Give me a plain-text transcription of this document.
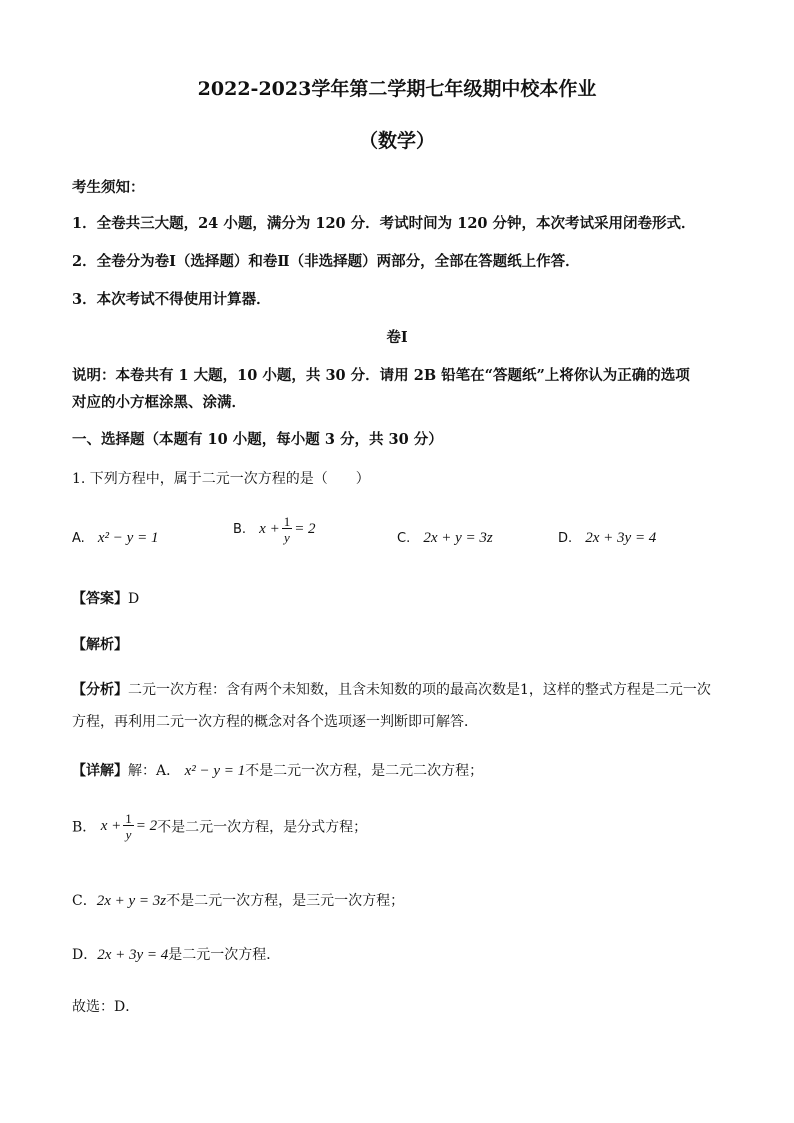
2022-2023学年第二学期七年级期中校本作业
（数学）
考生须知：
1．全卷共三大题，24 小题，满分为 120 分．考试时间为 120 分钟，本次考试采用闭卷形式．
2．全卷分为卷Ⅰ（选择题）和卷Ⅱ（非选择题）两部分，全部在答题纸上作答．
3．本次考试不得使用计算器．
卷Ⅰ
说明：本卷共有 1 大题，10 小题，共 30 分．请用 2B 铅笔在“答题纸”上将你认为正确的选项
对应的小方框涂黑、涂满．
一、选择题（本题有 10 小题，每小题 3 分，共 30 分）
1. 下列方程中，属于二元一次方程的是（　　）
A. x² − y = 1
B. $x + \frac{1}{y} = 2$
C. 2x + y = 3z	D. 2x + 3y = 4
【答案】D
【解析】
【分析】二元一次方程：含有两个未知数，且含未知数的项的最高次数是1，这样的整式方程是二元一次
方程，再利用二元一次方程的概念对各个选项逐一判断即可解答．
【详解】解：A． x² − y = 1不是二元一次方程，是二元二次方程；
B． $x + \frac{1}{y} = 2$不是二元一次方程，是分式方程；
C．2x + y = 3z不是二元一次方程，是三元一次方程；
D．2x + 3y = 4是二元一次方程．
故选：D．
